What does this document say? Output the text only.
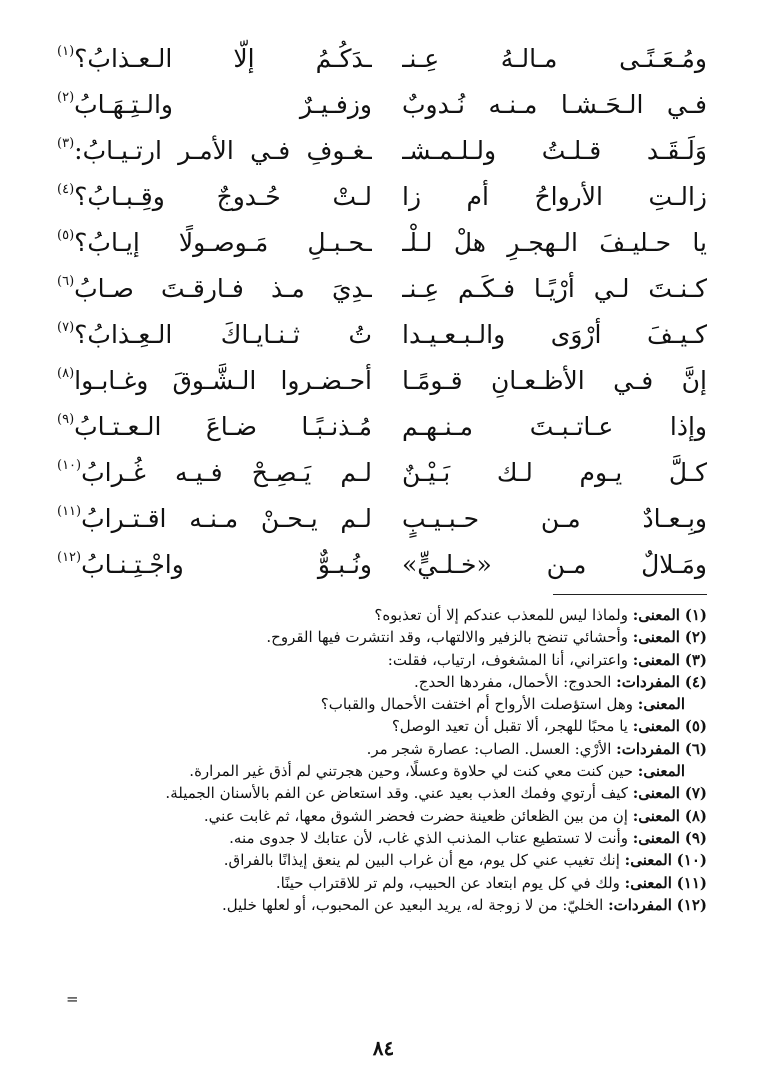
ومُـعَـنًـى مـالـهُ عِـنـ
ـدَكُـمُ إلّا الـعـذابُ؟$^{(١)}$
فـي الـحَـشـا مـنـه نُـدوبٌ
وزفـيـرٌ والـتِـهَـابُ$^{(٢)}$
وَلَـقَـد قـلـتُ ولـلـمـشـ
ـغـوفِ فـي الأمـر ارتـيـابُ:$^{(٣)}$
زالـتِ الأرواحُ أم زا
لـتْ حُـدوجٌ وقِـبـابُ؟$^{(٤)}$
يا حـليـفَ الـهجـرِ هلْ لـلْـ
ـحـبـلِ مَـوصـولًا إيـابُ؟$^{(٥)}$
كـنـتَ لـي أرْيًـا فـكَـم عِـنـ
ـدِيَ مـذ فـارقـتَ صـابُ$^{(٦)}$
كـيـفَ أرْوَى والـبـعـيـدا
تُ ثـنـايـاكَ الـعِـذابُ؟$^{(٧)}$
إنَّ فـي الأظـعـانِ قـومًـا
أحـضـروا الـشَّـوقَ وغـابـوا$^{(٨)}$
وإذا عـاتـبـتَ مـنـهـم
مُـذنـبًـا ضـاعَ الـعـتـابُ$^{(٩)}$
كـلَّ يـوم لـك بَـيْـنٌ
لـم يَـصِـحْ فـيـه غُـرابُ$^{(١٠)}$
وبِـعـادٌ مـن حـبـيـبٍ
لـم يـحـنْ مـنـه اقـتـرابُ$^{(١١)}$
ومَـلالٌ مـن «خـلـيٍّ»
ونُـبـوٌّ واجْـتِـنـابُ$^{(١٢)}$
(١) المعنى: ولماذا ليس للمعذب عندكم إلا أن تعذبوه؟
(٢) المعنى: وأحشائي تنضح بالزفير والالتهاب، وقد انتشرت فيها القروح.
(٣) المعنى: واعتراني، أنا المشغوف، ارتياب، فقلت:
(٤) المفردات: الحدوج: الأحمال، مفردها الحدج.
المعنى: وهل استؤصلت الأرواح أم اختفت الأحمال والقباب؟
(٥) المعنى: يا محبًا للهجر، ألا تقبل أن تعيد الوصل؟
(٦) المفردات: الأرْي: العسل. الصاب: عصارة شجر مر.
المعنى: حين كنت معي كنت لي حلاوة وعسلًا، وحين هجرتني لم أذق غير المرارة.
(٧) المعنى: كيف أرتوي وفمك العذب بعيد عني. وقد استعاض عن الفم بالأسنان الجميلة.
(٨) المعنى: إن من بين الظعائن ظعينة حضرت فحضر الشوق معها، ثم غابت عني.
(٩) المعنى: وأنت لا تستطيع عتاب المذنب الذي غاب، لأن عتابك لا جدوى منه.
(١٠) المعنى: إنك تغيب عني كل يوم، مع أن غراب البين لم ينعق إيذانًا بالفراق.
(١١) المعنى: ولك في كل يوم ابتعاد عن الحبيب، ولم تر للاقتراب حينًا.
(١٢) المفردات: الخليّ: من لا زوجة له، يريد البعيد عن المحبوب، أو لعلها خليل.
=
٨٤
